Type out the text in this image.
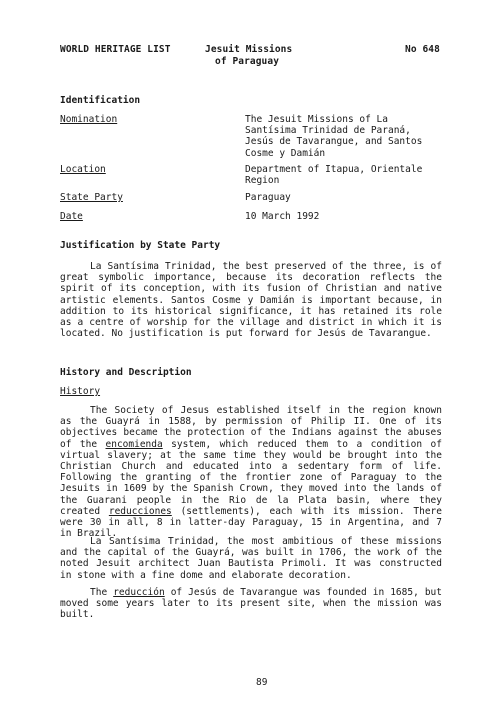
WORLD HERITAGE LIST	Jesuit Missions
of Paraguay
No 648
Identification
Nomination	The Jesuit Missions of La Santísima Trinidad de Paraná, Jesús de Tavarangue, and Santos Cosme y Damián
Location	Department of Itapua, Orientale Region
State Party	Paraguay
Date	10 March 1992
Justification by State Party
La Santísima Trinidad, the best preserved of the three, is of great symbolic importance, because its decoration reflects the spirit of its conception, with its fusion of Christian and native artistic elements. Santos Cosme y Damián is important because, in addition to its historical significance, it has retained its role as a centre of worship for the village and district in which it is located. No justification is put forward for Jesús de Tavarangue.
History and Description
History
The Society of Jesus established itself in the region known as the Guayrá in 1588, by permission of Philip II. One of its objectives became the protection of the Indians against the abuses of the encomienda system, which reduced them to a condition of virtual slavery; at the same time they would be brought into the Christian Church and educated into a sedentary form of life. Following the granting of the frontier zone of Paraguay to the Jesuits in 1609 by the Spanish Crown, they moved into the lands of the Guarani people in the Rio de la Plata basin, where they created reducciones (settlements), each with its mission. There were 30 in all, 8 in latter-day Paraguay, 15 in Argentina, and 7 in Brazil.
La Santísima Trinidad, the most ambitious of these missions and the capital of the Guayrá, was built in 1706, the work of the noted Jesuit architect Juan Bautista Primoli. It was constructed in stone with a fine dome and elaborate decoration.
The reducción of Jesús de Tavarangue was founded in 1685, but moved some years later to its present site, when the mission was built.
89
